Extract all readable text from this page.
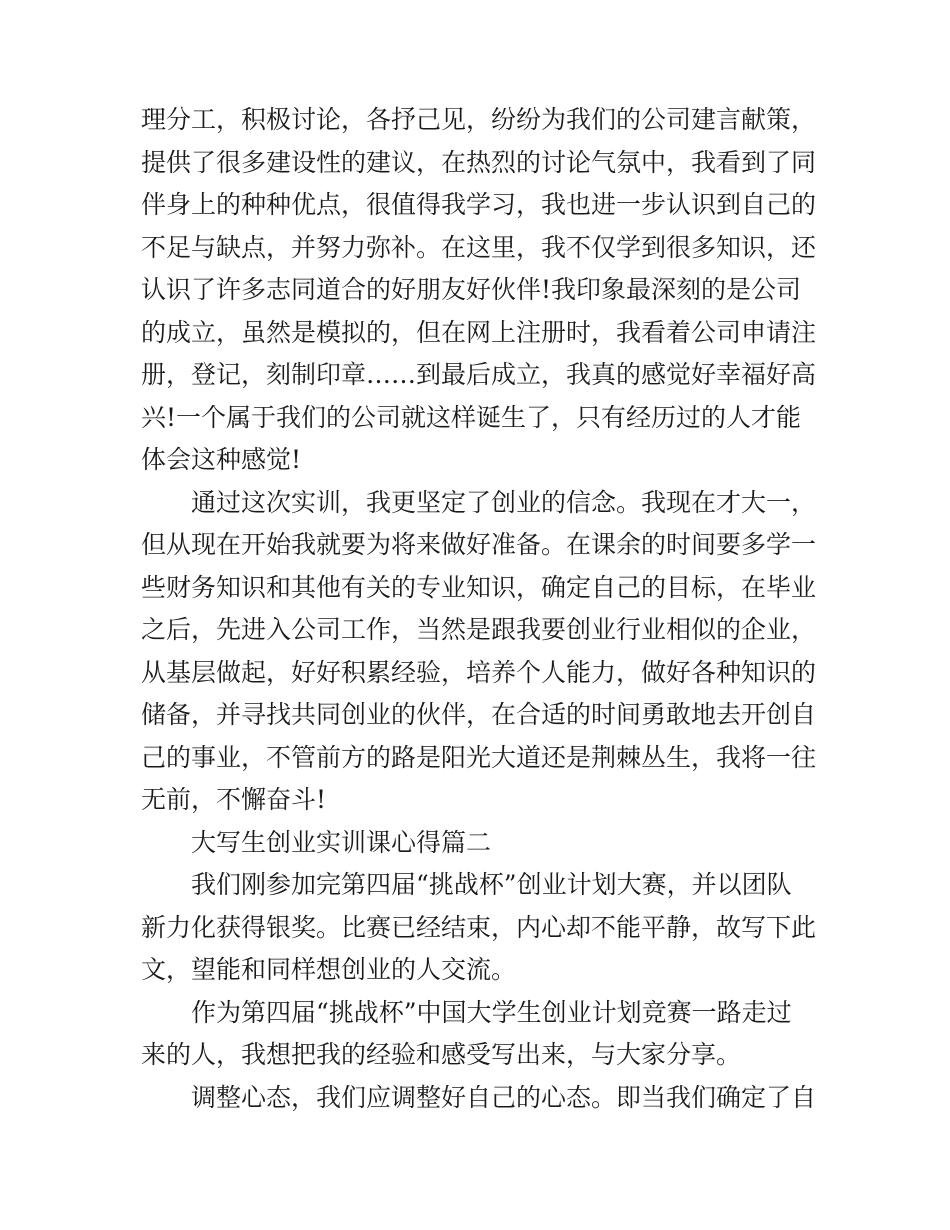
理分工，积极讨论，各抒己见，纷纷为我们的公司建言献策，
提供了很多建设性的建议，在热烈的讨论气氛中，我看到了同
伴身上的种种优点，很值得我学习，我也进一步认识到自己的
不足与缺点，并努力弥补。在这里，我不仅学到很多知识，还
认识了许多志同道合的好朋友好伙伴!我印象最深刻的是公司
的成立，虽然是模拟的，但在网上注册时，我看着公司申请注
册，登记，刻制印章……到最后成立，我真的感觉好幸福好高
兴!一个属于我们的公司就这样诞生了，只有经历过的人才能
体会这种感觉!
通过这次实训，我更坚定了创业的信念。我现在才大一，
但从现在开始我就要为将来做好准备。在课余的时间要多学一
些财务知识和其他有关的专业知识，确定自己的目标，在毕业
之后，先进入公司工作，当然是跟我要创业行业相似的企业，
从基层做起，好好积累经验，培养个人能力，做好各种知识的
储备，并寻找共同创业的伙伴，在合适的时间勇敢地去开创自
己的事业，不管前方的路是阳光大道还是荆棘丛生，我将一往
无前，不懈奋斗!
大写生创业实训课心得篇二
我们刚参加完第四届“挑战杯”创业计划大赛，并以团队
新力化获得银奖。比赛已经结束，内心却不能平静，故写下此
文，望能和同样想创业的人交流。
作为第四届“挑战杯”中国大学生创业计划竞赛一路走过
来的人，我想把我的经验和感受写出来，与大家分享。
调整心态，我们应调整好自己的心态。即当我们确定了自
